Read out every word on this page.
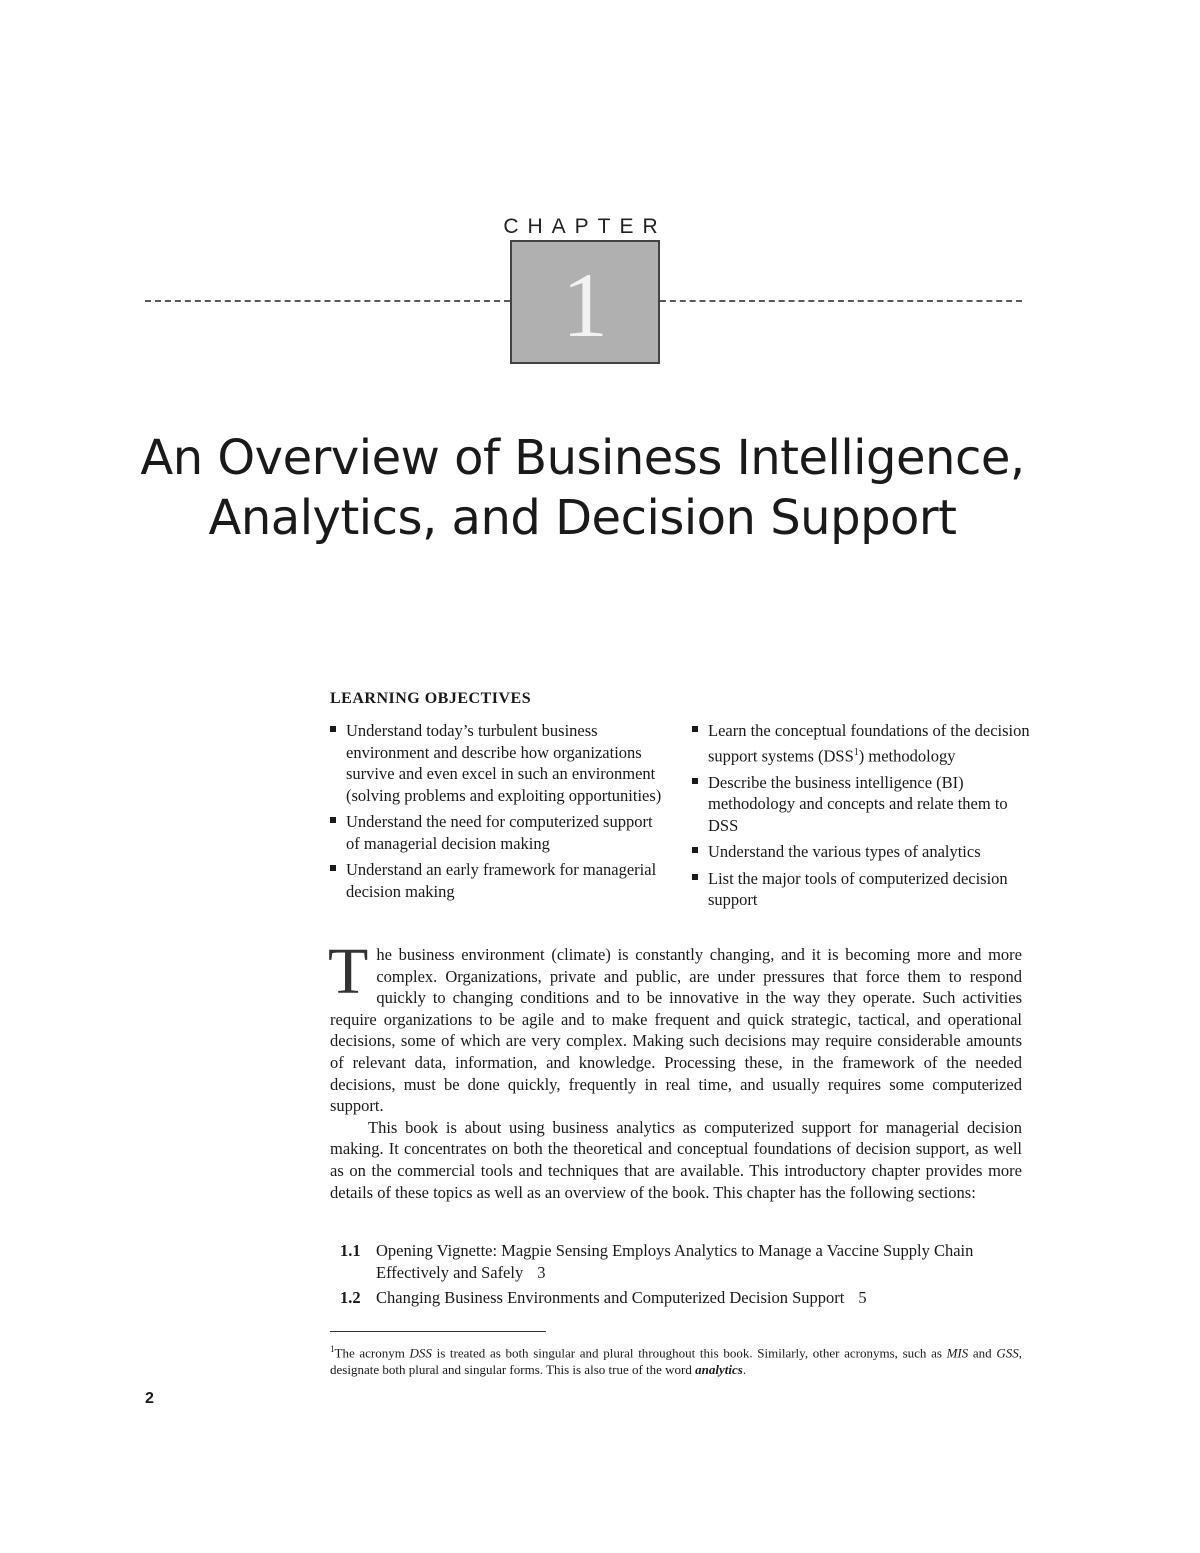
CHAPTER
1
An Overview of Business Intelligence,
Analytics, and Decision Support
LEARNING OBJECTIVES
Understand today’s turbulent business environment and describe how organizations survive and even excel in such an environment (solving problems and exploiting opportunities)
Understand the need for computerized support of managerial decision making
Understand an early framework for managerial decision making
Learn the conceptual foundations of the decision support systems (DSS$^1$) methodology
Describe the business intelligence (BI) methodology and concepts and relate them to DSS
Understand the various types of analytics
List the major tools of computerized decision support

The business environment (climate) is constantly changing, and it is becoming more and more complex. Organizations, private and public, are under pressures that force them to respond quickly to changing conditions and to be innovative in the way they operate. Such activities require organizations to be agile and to make frequent and quick strategic, tactical, and operational decisions, some of which are very complex. Making such decisions may require considerable amounts of relevant data, information, and knowledge. Processing these, in the framework of the needed decisions, must be done quickly, frequently in real time, and usually requires some computerized support.

This book is about using business analytics as computerized support for managerial decision making. It concentrates on both the theoretical and conceptual foundations of decision support, as well as on the commercial tools and techniques that are available. This introductory chapter provides more details of these topics as well as an overview of the book. This chapter has the following sections:

1.1 Opening Vignette: Magpie Sensing Employs Analytics to Manage a Vaccine Supply Chain Effectively and Safely 3
1.2 Changing Business Environments and Computerized Decision Support 5
$^1$The acronym DSS is treated as both singular and plural throughout this book. Similarly, other acronyms, such as MIS and GSS, designate both plural and singular forms. This is also true of the word analytics.
2
